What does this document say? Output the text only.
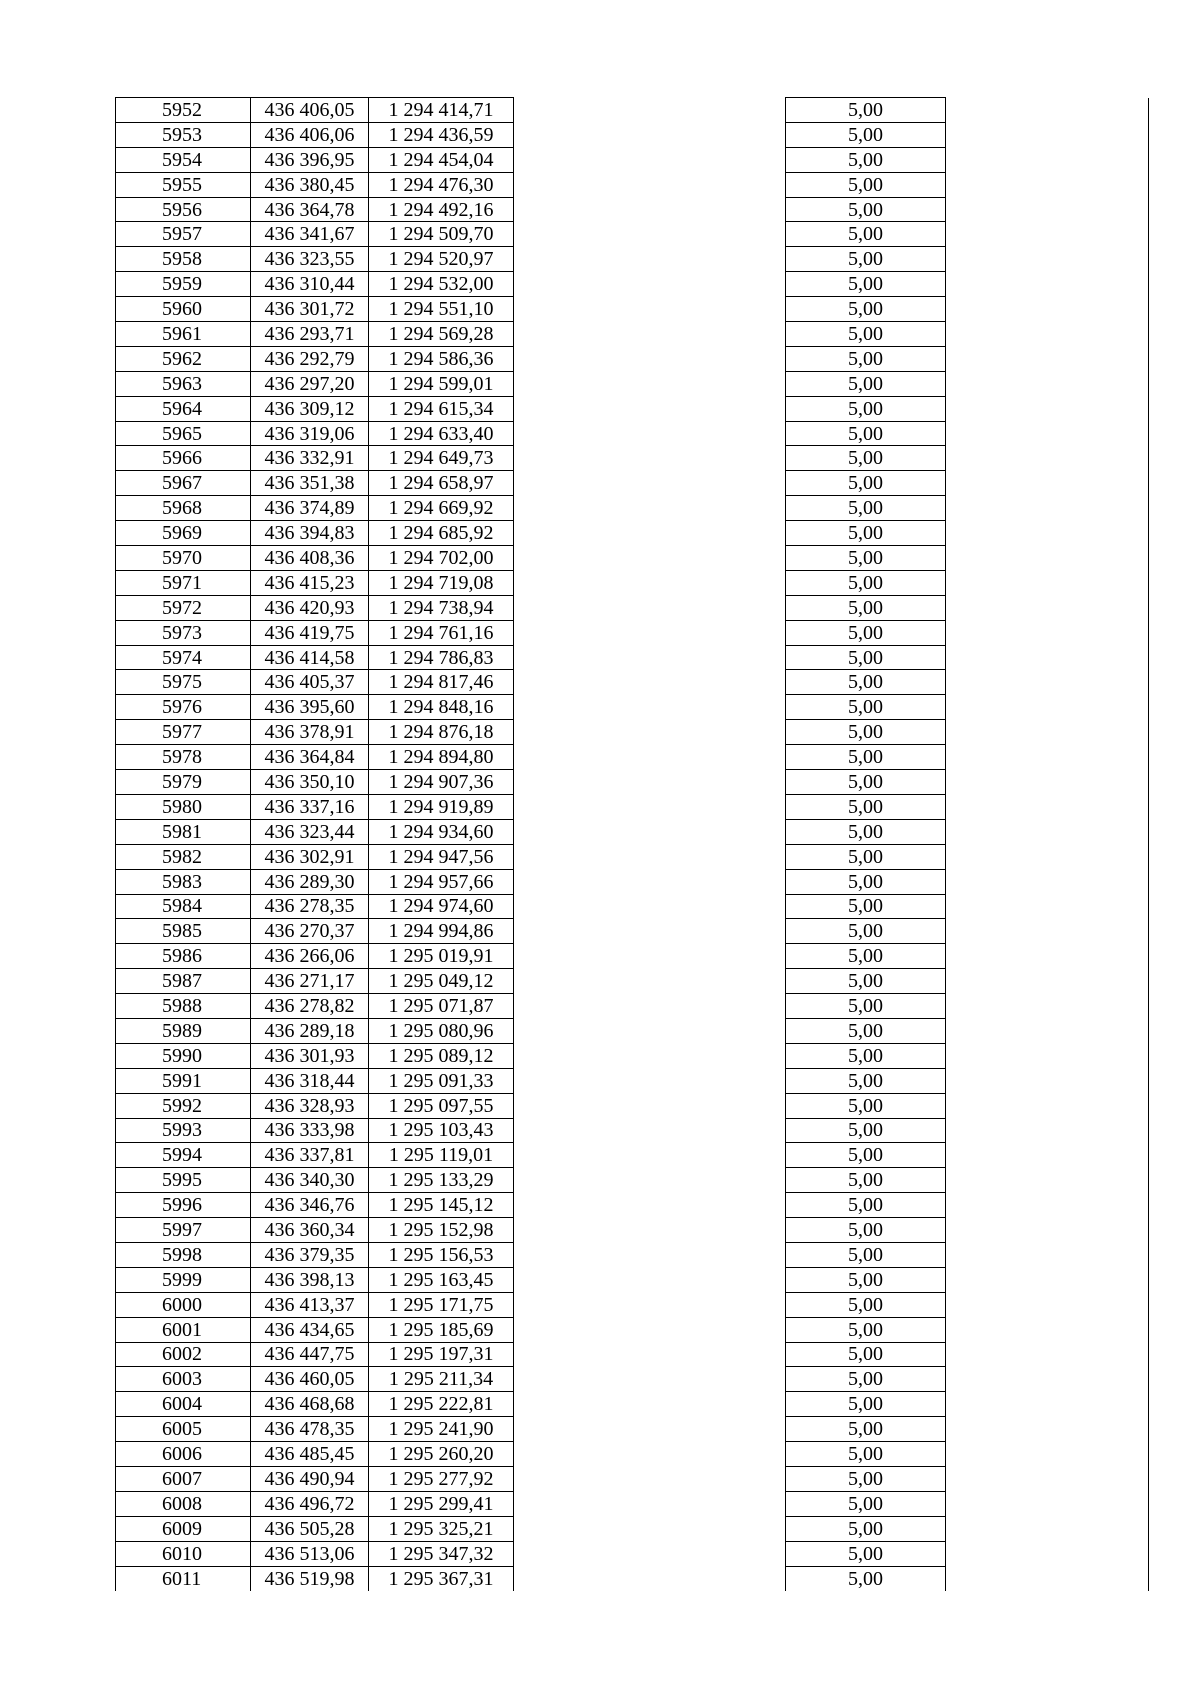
5952	436 406,05	1 294 414,71		5,00	
5953	436 406,06	1 294 436,59		5,00	
5954	436 396,95	1 294 454,04		5,00	
5955	436 380,45	1 294 476,30		5,00	
5956	436 364,78	1 294 492,16		5,00	
5957	436 341,67	1 294 509,70		5,00	
5958	436 323,55	1 294 520,97		5,00	
5959	436 310,44	1 294 532,00		5,00	
5960	436 301,72	1 294 551,10		5,00	
5961	436 293,71	1 294 569,28		5,00	
5962	436 292,79	1 294 586,36		5,00	
5963	436 297,20	1 294 599,01		5,00	
5964	436 309,12	1 294 615,34		5,00	
5965	436 319,06	1 294 633,40		5,00	
5966	436 332,91	1 294 649,73		5,00	
5967	436 351,38	1 294 658,97		5,00	
5968	436 374,89	1 294 669,92		5,00	
5969	436 394,83	1 294 685,92		5,00	
5970	436 408,36	1 294 702,00		5,00	
5971	436 415,23	1 294 719,08		5,00	
5972	436 420,93	1 294 738,94		5,00	
5973	436 419,75	1 294 761,16		5,00	
5974	436 414,58	1 294 786,83		5,00	
5975	436 405,37	1 294 817,46		5,00	
5976	436 395,60	1 294 848,16		5,00	
5977	436 378,91	1 294 876,18		5,00	
5978	436 364,84	1 294 894,80		5,00	
5979	436 350,10	1 294 907,36		5,00	
5980	436 337,16	1 294 919,89		5,00	
5981	436 323,44	1 294 934,60		5,00	
5982	436 302,91	1 294 947,56		5,00	
5983	436 289,30	1 294 957,66		5,00	
5984	436 278,35	1 294 974,60		5,00	
5985	436 270,37	1 294 994,86		5,00	
5986	436 266,06	1 295 019,91		5,00	
5987	436 271,17	1 295 049,12		5,00	
5988	436 278,82	1 295 071,87		5,00	
5989	436 289,18	1 295 080,96		5,00	
5990	436 301,93	1 295 089,12		5,00	
5991	436 318,44	1 295 091,33		5,00	
5992	436 328,93	1 295 097,55		5,00	
5993	436 333,98	1 295 103,43		5,00	
5994	436 337,81	1 295 119,01		5,00	
5995	436 340,30	1 295 133,29		5,00	
5996	436 346,76	1 295 145,12		5,00	
5997	436 360,34	1 295 152,98		5,00	
5998	436 379,35	1 295 156,53		5,00	
5999	436 398,13	1 295 163,45		5,00	
6000	436 413,37	1 295 171,75		5,00	
6001	436 434,65	1 295 185,69		5,00	
6002	436 447,75	1 295 197,31		5,00	
6003	436 460,05	1 295 211,34		5,00	
6004	436 468,68	1 295 222,81		5,00	
6005	436 478,35	1 295 241,90		5,00	
6006	436 485,45	1 295 260,20		5,00	
6007	436 490,94	1 295 277,92		5,00	
6008	436 496,72	1 295 299,41		5,00	
6009	436 505,28	1 295 325,21		5,00	
6010	436 513,06	1 295 347,32		5,00	
6011	436 519,98	1 295 367,31		5,00	
